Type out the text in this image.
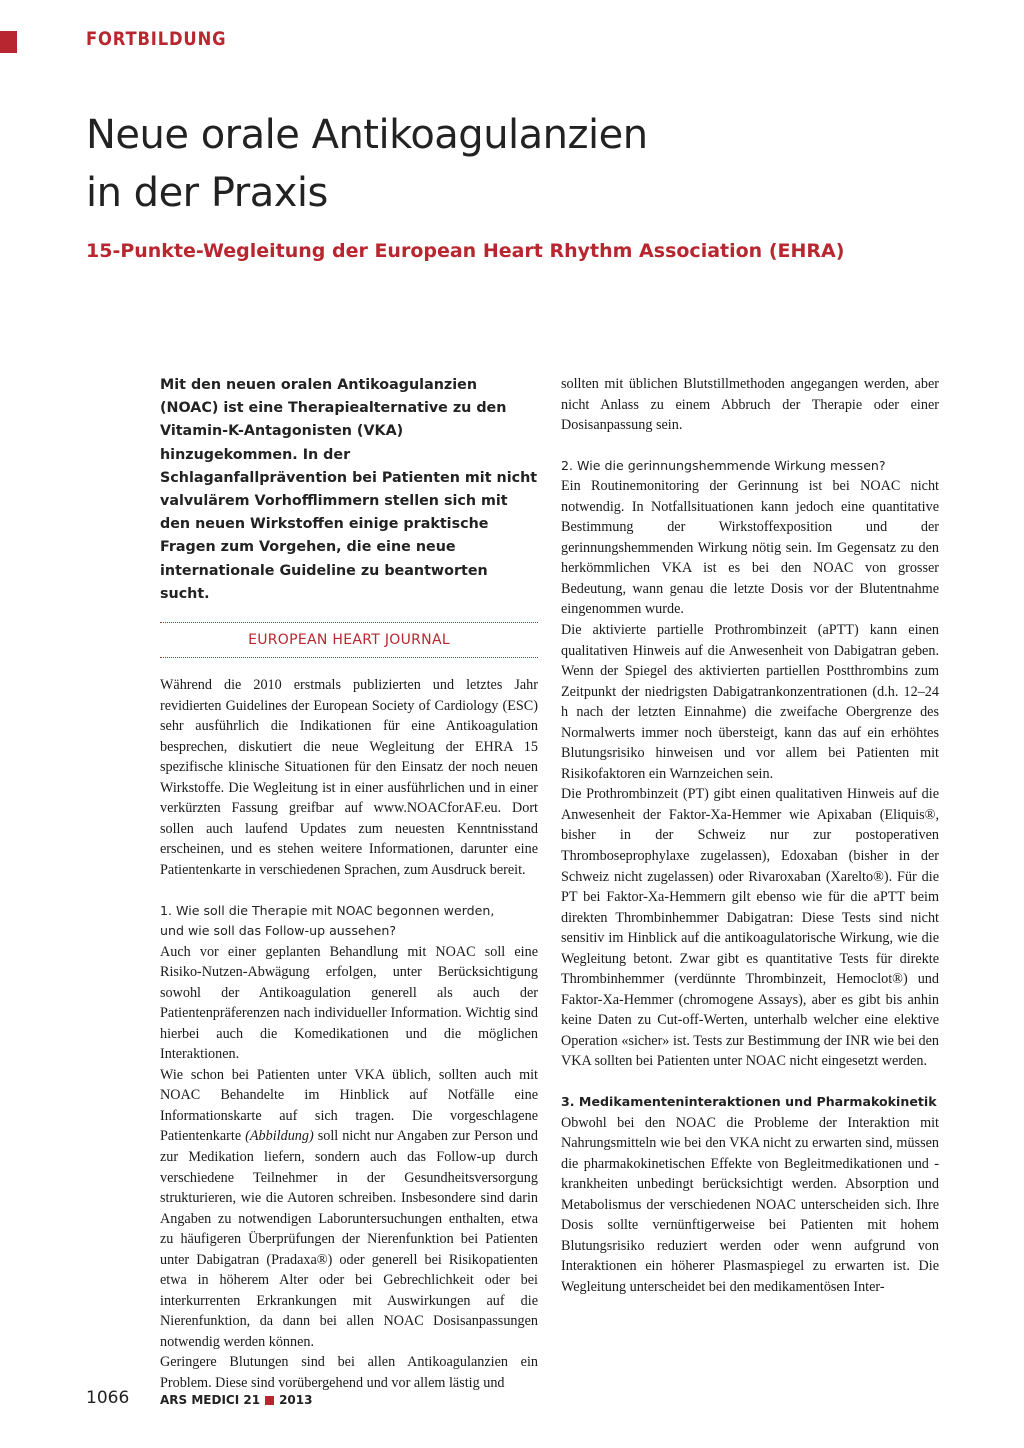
FORTBILDUNG
Neue orale Antikoagulanzien
in der Praxis
15-Punkte-Wegleitung der European Heart Rhythm Association (EHRA)

Mit den neuen oralen Antikoagulanzien (NOAC) ist eine Therapiealternative zu den Vitamin-K-Antagonisten (VKA) hinzugekommen. In der Schlaganfallprävention bei Patienten mit nicht valvulärem Vorhofflimmern stellen sich mit den neuen Wirkstoffen einige praktische Fragen zum Vorgehen, die eine neue internationale Guideline zu beantworten sucht.

EUROPEAN HEART JOURNAL

Während die 2010 erstmals publizierten und letztes Jahr revidierten Guidelines der European Society of Cardiology (ESC) sehr ausführlich die Indikationen für eine Antikoagulation besprechen, diskutiert die neue Wegleitung der EHRA 15 spezifische klinische Situationen für den Einsatz der noch neuen Wirkstoffe. Die Wegleitung ist in einer ausführlichen und in einer verkürzten Fassung greifbar auf www.NOACforAF.eu. Dort sollen auch laufend Updates zum neuesten Kenntnisstand erscheinen, und es stehen weitere Informationen, darunter eine Patientenkarte in verschiedenen Sprachen, zum Ausdruck bereit.

1. Wie soll die Therapie mit NOAC begonnen werden,
und wie soll das Follow-up aussehen?

Auch vor einer geplanten Behandlung mit NOAC soll eine Risiko-Nutzen-Abwägung erfolgen, unter Berücksichtigung sowohl der Antikoagulation generell als auch der Patientenpräferenzen nach individueller Information. Wichtig sind hierbei auch die Komedikationen und die möglichen Interaktionen.

Wie schon bei Patienten unter VKA üblich, sollten auch mit NOAC Behandelte im Hinblick auf Notfälle eine Informationskarte auf sich tragen. Die vorgeschlagene Patientenkarte (Abbildung) soll nicht nur Angaben zur Person und zur Medikation liefern, sondern auch das Follow-up durch verschiedene Teilnehmer in der Gesundheitsversorgung strukturieren, wie die Autoren schreiben. Insbesondere sind darin Angaben zu notwendigen Laboruntersuchungen enthalten, etwa zu häufigeren Überprüfungen der Nierenfunktion bei Patienten unter Dabigatran (Pradaxa®) oder generell bei Risikopatienten etwa in höherem Alter oder bei Gebrechlichkeit oder bei interkurrenten Erkrankungen mit Auswirkungen auf die Nierenfunktion, da dann bei allen NOAC Dosisanpassungen notwendig werden können.

Geringere Blutungen sind bei allen Antikoagulanzien ein Problem. Diese sind vorübergehend und vor allem lästig und

sollten mit üblichen Blutstillmethoden angegangen werden, aber nicht Anlass zu einem Abbruch der Therapie oder einer Dosisanpassung sein.

2. Wie die gerinnungshemmende Wirkung messen?

Ein Routinemonitoring der Gerinnung ist bei NOAC nicht notwendig. In Notfallsituationen kann jedoch eine quantitative Bestimmung der Wirkstoffexposition und der gerinnungshemmenden Wirkung nötig sein. Im Gegensatz zu den herkömmlichen VKA ist es bei den NOAC von grosser Bedeutung, wann genau die letzte Dosis vor der Blutentnahme eingenommen wurde.

Die aktivierte partielle Prothrombinzeit (aPTT) kann einen qualitativen Hinweis auf die Anwesenheit von Dabigatran geben. Wenn der Spiegel des aktivierten partiellen Postthrombins zum Zeitpunkt der niedrigsten Dabigatrankonzentrationen (d.h. 12–24 h nach der letzten Einnahme) die zweifache Obergrenze des Normalwerts immer noch übersteigt, kann das auf ein erhöhtes Blutungsrisiko hinweisen und vor allem bei Patienten mit Risikofaktoren ein Warnzeichen sein.

Die Prothrombinzeit (PT) gibt einen qualitativen Hinweis auf die Anwesenheit der Faktor-Xa-Hemmer wie Apixaban (Eliquis®, bisher in der Schweiz nur zur postoperativen Thromboseprophylaxe zugelassen), Edoxaban (bisher in der Schweiz nicht zugelassen) oder Rivaroxaban (Xarelto®). Für die PT bei Faktor-Xa-Hemmern gilt ebenso wie für die aPTT beim direkten Thrombinhemmer Dabigatran: Diese Tests sind nicht sensitiv im Hinblick auf die antikoagulatorische Wirkung, wie die Wegleitung betont. Zwar gibt es quantitative Tests für direkte Thrombinhemmer (verdünnte Thrombinzeit, Hemoclot®) und Faktor-Xa-Hemmer (chromogene Assays), aber es gibt bis anhin keine Daten zu Cut-off-Werten, unterhalb welcher eine elektive Operation «sicher» ist. Tests zur Bestimmung der INR wie bei den VKA sollten bei Patienten unter NOAC nicht eingesetzt werden.

3. Medikamenteninteraktionen und Pharmakokinetik

Obwohl bei den NOAC die Probleme der Interaktion mit Nahrungsmitteln wie bei den VKA nicht zu erwarten sind, müssen die pharmakokinetischen Effekte von Begleitmedikationen und -krankheiten unbedingt berücksichtigt werden. Absorption und Metabolismus der verschiedenen NOAC unterscheiden sich. Ihre Dosis sollte vernünftigerweise bei Patienten mit hohem Blutungsrisiko reduziert werden oder wenn aufgrund von Interaktionen ein höherer Plasmaspiegel zu erwarten ist. Die Wegleitung unterscheidet bei den medikamentösen Inter-

1066	ARS MEDICI 21 2013
